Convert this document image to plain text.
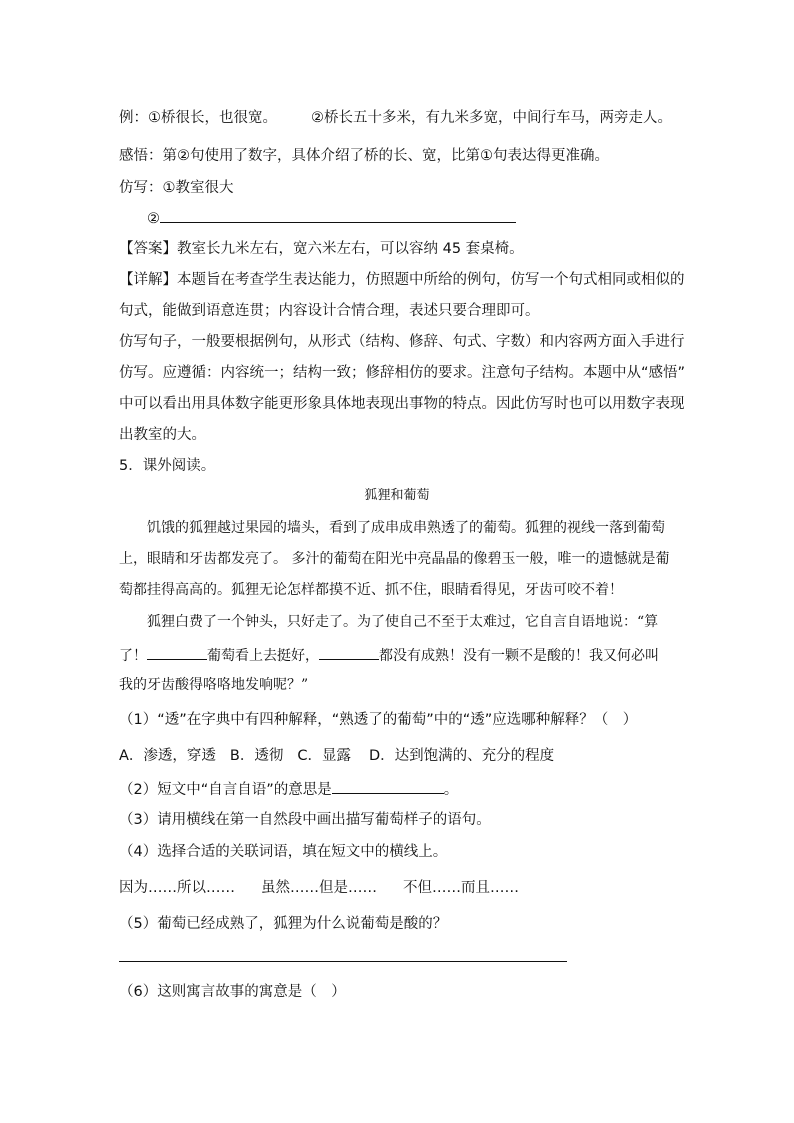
例：①桥很长，也很宽。 ②桥长五十多米，有九米多宽，中间行车马，两旁走人。
感悟：第②句使用了数字，具体介绍了桥的长、宽，比第①句表达得更准确。
仿写：①教室很大
②
【答案】教室长九米左右，宽六米左右，可以容纳 45 套桌椅。
【详解】本题旨在考查学生表达能力，仿照题中所给的例句，仿写一个句式相同或相似的
句式，能做到语意连贯；内容设计合情合理，表述只要合理即可。
仿写句子，一般要根据例句，从形式（结构、修辞、句式、字数）和内容两方面入手进行
仿写。应遵循：内容统一；结构一致；修辞相仿的要求。注意句子结构。本题中从“感悟”
中可以看出用具体数字能更形象具体地表现出事物的特点。因此仿写时也可以用数字表现
出教室的大。
5．课外阅读。
狐狸和葡萄
饥饿的狐狸越过果园的墙头，看到了成串成串熟透了的葡萄。狐狸的视线一落到葡萄
上，眼睛和牙齿都发亮了。 多汁的葡萄在阳光中亮晶晶的像碧玉一般，唯一的遗憾就是葡
萄都挂得高高的。狐狸无论怎样都摸不近、抓不住，眼睛看得见，牙齿可咬不着！
狐狸白费了一个钟头，只好走了。为了使自己不至于太难过，它自言自语地说：“算
了！	葡萄看上去挺好，	都没有成熟！没有一颗不是酸的！我又何必叫
我的牙齿酸得咯咯地发响呢？”
（1）“透”在字典中有四种解释，“熟透了的葡萄”中的“透”应选哪种解释？（　）
A．渗透，穿透 B．透彻 C．显露 D．达到饱满的、充分的程度
（2）短文中“自言自语”的意思是	。
（3）请用横线在第一自然段中画出描写葡萄样子的语句。
（4）选择合适的关联词语，填在短文中的横线上。
因为……所以…… 虽然……但是…… 不但……而且……
（5）葡萄已经成熟了，狐狸为什么说葡萄是酸的？
（6）这则寓言故事的寓意是（　）
